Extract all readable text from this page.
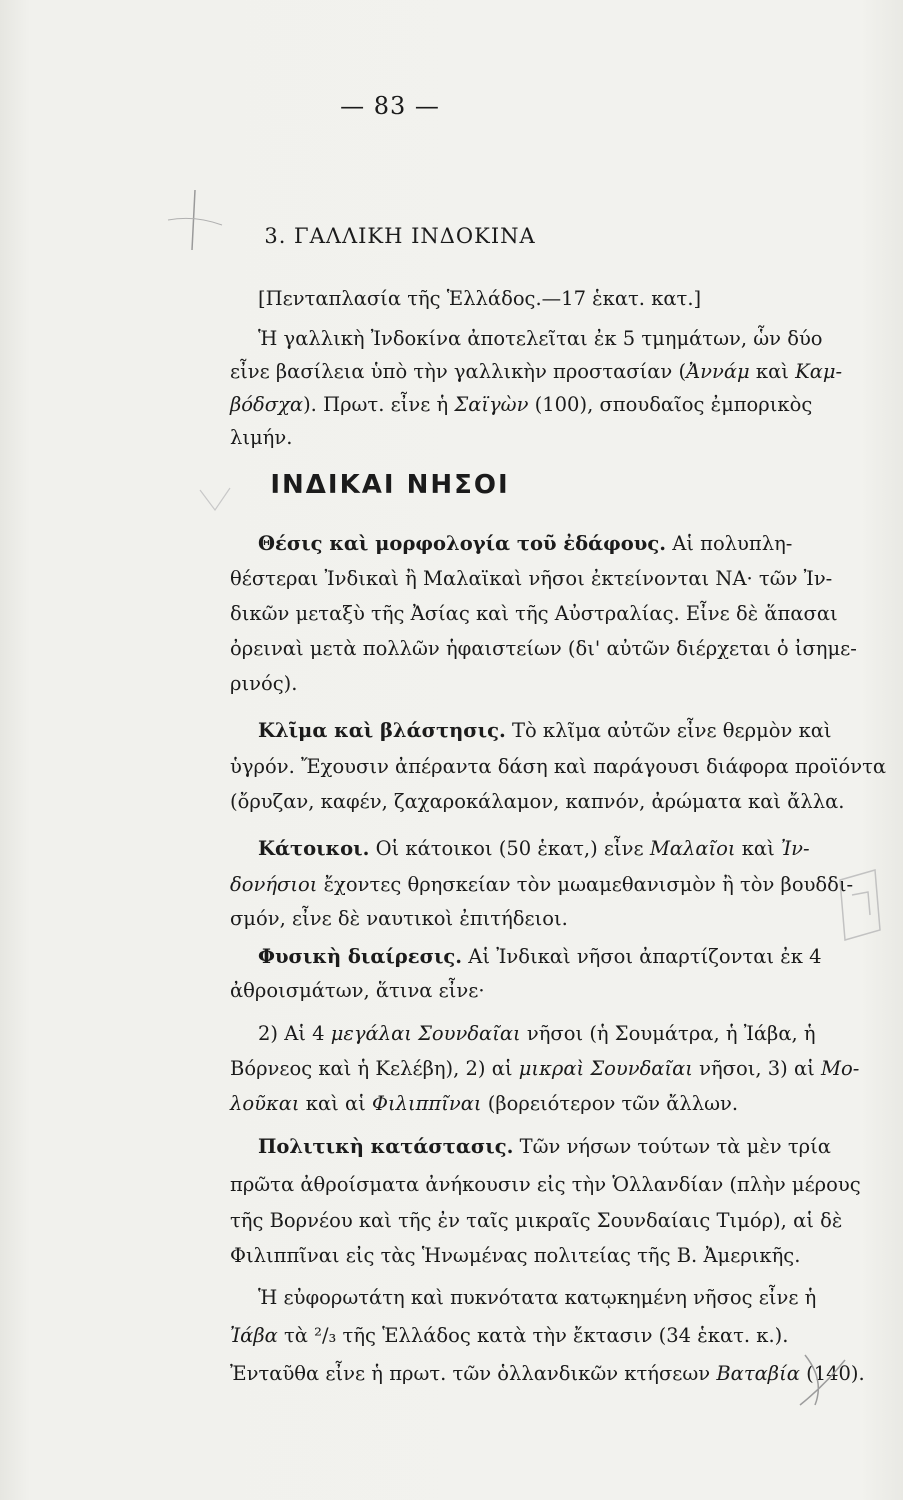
— 83 —
3. ΓΑΛΛΙΚΗ ΙΝΔΟΚΙΝΑ
[Πενταπλασία τῆς Ἑλλάδος.—17 ἑκατ. κατ.]
Ἡ γαλλικὴ Ἰνδοκίνα ἀποτελεῖται ἐκ 5 τμημάτων, ὧν δύο
εἶνε βασίλεια ὑπὸ τὴν γαλλικὴν προστασίαν (Ἀννάμ καὶ Καμ-
βόδσχα). Πρωτ. εἶνε ἡ Σαϊγὼν (100), σπουδαῖος ἐμπορικὸς
λιμήν.
ΙΝΔΙΚΑΙ ΝΗΣΟΙ
Θέσις καὶ μορφολογία τοῦ ἐδάφους. Αἱ πολυπλη-
θέστεραι Ἰνδικαὶ ἢ Μαλαϊκαὶ νῆσοι ἐκτείνονται ΝΑ· τῶν Ἰν-
δικῶν μεταξὺ τῆς Ἀσίας καὶ τῆς Αὐστραλίας. Εἶνε δὲ ἅπασαι
ὀρειναὶ μετὰ πολλῶν ἡφαιστείων (δι' αὐτῶν διέρχεται ὁ ἰσημε-
ρινός).
Κλῖμα καὶ βλάστησις. Τὸ κλῖμα αὐτῶν εἶνε θερμὸν καὶ
ὑγρόν. Ἔχουσιν ἀπέραντα δάση καὶ παράγουσι διάφορα προϊόντα
(ὄρυζαν, καφέν, ζαχαροκάλαμον, καπνόν, ἀρώματα καὶ ἄλλα.
Κάτοικοι. Οἱ κάτοικοι (50 ἑκατ,) εἶνε Μαλαῖοι καὶ Ἰν-
δονήσιοι ἔχοντες θρησκείαν τὸν μωαμεθανισμὸν ἢ τὸν βουδδι-
σμόν, εἶνε δὲ ναυτικοὶ ἐπιτήδειοι.
Φυσικὴ διαίρεσις. Αἱ Ἰνδικαὶ νῆσοι ἀπαρτίζονται ἐκ 4
ἀθροισμάτων, ἅτινα εἶνε·
2) Αἱ 4 μεγάλαι Σουνδαῖαι νῆσοι (ἡ Σουμάτρα, ἡ Ἰάβα, ἡ
Βόρνεος καὶ ἡ Κελέβη), 2) αἱ μικραὶ Σουνδαῖαι νῆσοι, 3) αἱ Μο-
λοῦκαι καὶ αἱ Φιλιππῖναι (βορειότερον τῶν ἄλλων.
Πολιτικὴ κατάστασις. Τῶν νήσων τούτων τὰ μὲν τρία
πρῶτα ἀθροίσματα ἀνήκουσιν εἰς τὴν Ὁλλανδίαν (πλὴν μέρους
τῆς Βορνέου καὶ τῆς ἐν ταῖς μικραῖς Σουνδαίαις Τιμόρ), αἱ δὲ
Φιλιππῖναι εἰς τὰς Ἡνωμένας πολιτείας τῆς Β. Ἀμερικῆς.
Ἡ εὐφορωτάτη καὶ πυκνότατα κατῳκημένη νῆσος εἶνε ἡ
Ἰάβα τὰ ²/₃ τῆς Ἑλλάδος κατὰ τὴν ἔκτασιν (34 ἑκατ. κ.).
Ἐνταῦθα εἶνε ἡ πρωτ. τῶν ὁλλανδικῶν κτήσεων Βαταβία (140).
